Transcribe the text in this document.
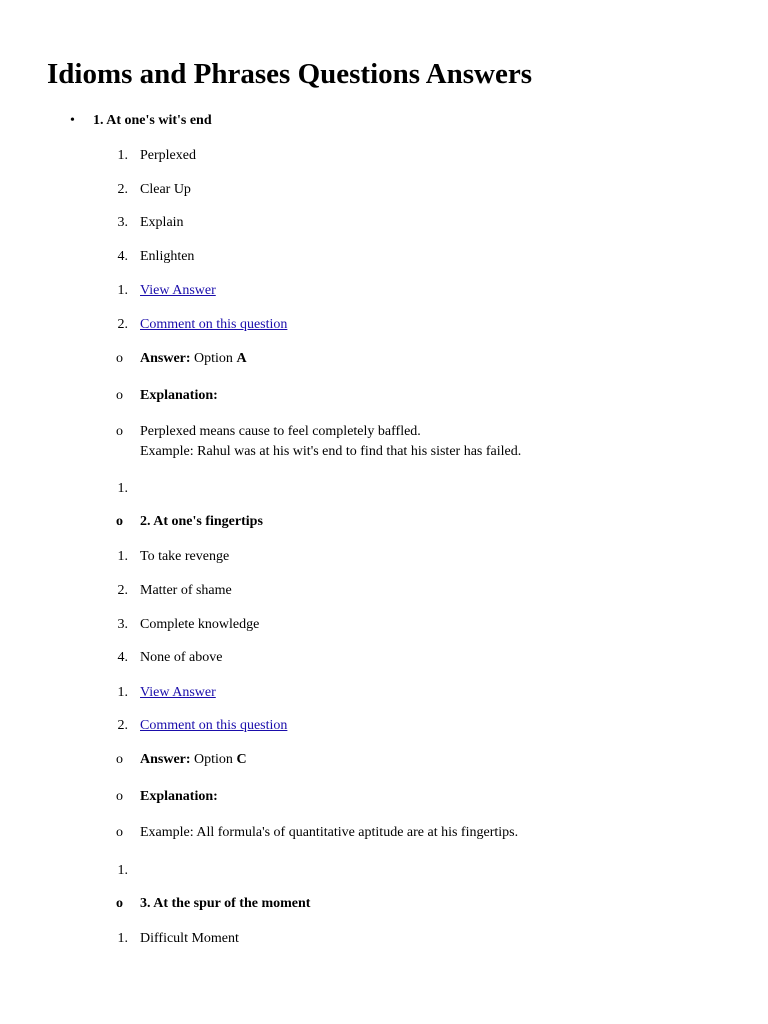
Idioms and Phrases Questions Answers
• 1. At one's wit's end
1. Perplexed
2. Clear Up
3. Explain
4. Enlighten
1. View Answer
2. Comment on this question
o Answer: Option A
o Explanation:
o Perplexed means cause to feel completely baffled.
Example: Rahul was at his wit's end to find that his sister has failed.
1.
o 2. At one's fingertips
1. To take revenge
2. Matter of shame
3. Complete knowledge
4. None of above
1. View Answer
2. Comment on this question
o Answer: Option C
o Explanation:
o Example: All formula's of quantitative aptitude are at his fingertips.
1.
o 3. At the spur of the moment
1. Difficult Moment
